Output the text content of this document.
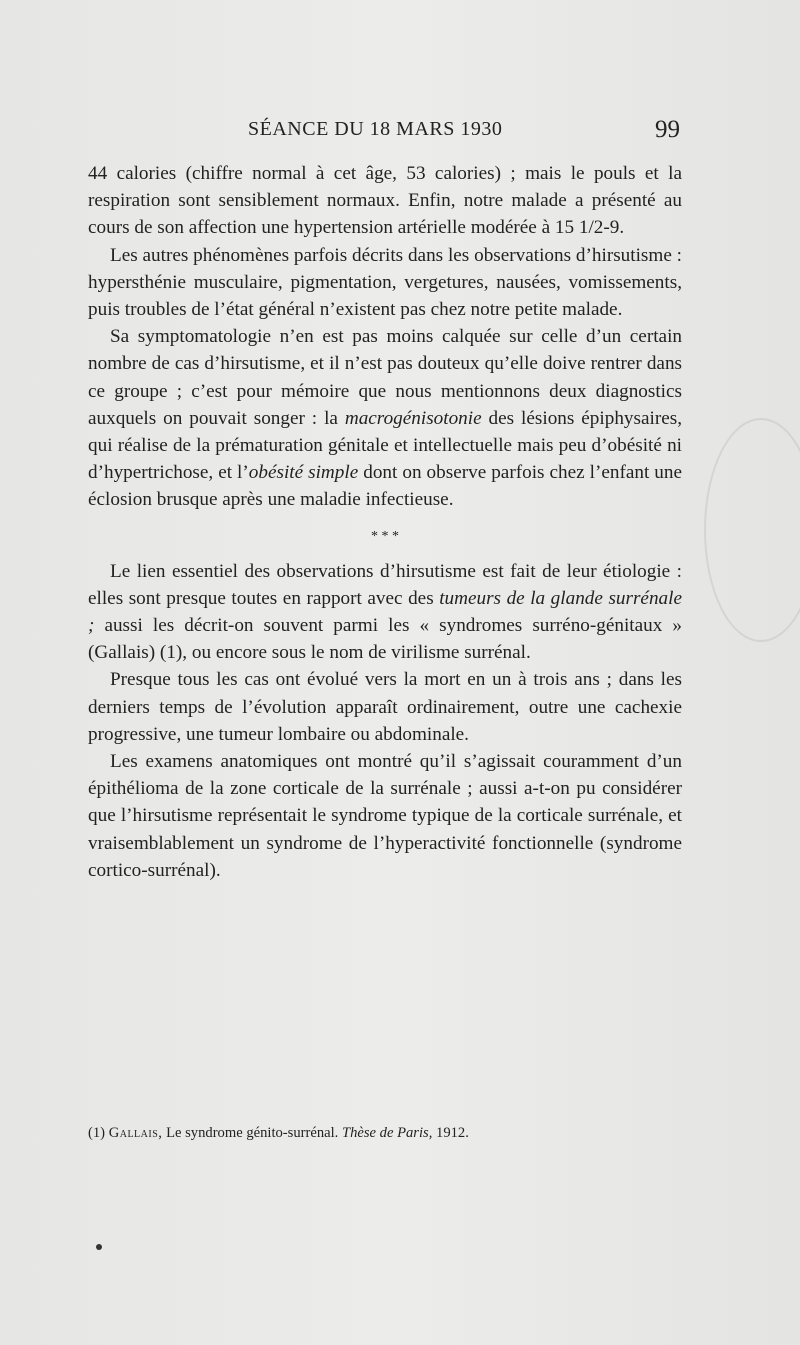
SÉANCE DU 18 MARS 1930	99

44 calories (chiffre normal à cet âge, 53 calories) ; mais le pouls et la respiration sont sensiblement normaux. Enfin, notre malade a présenté au cours de son affection une hypertension artérielle modérée à 15 1/2-9.

Les autres phénomènes parfois décrits dans les observations d’hirsutisme : hypersthénie musculaire, pigmentation, vergetures, nausées, vomissements, puis troubles de l’état général n’existent pas chez notre petite malade.

Sa symptomatologie n’en est pas moins calquée sur celle d’un certain nombre de cas d’hirsutisme, et il n’est pas douteux qu’elle doive rentrer dans ce groupe ; c’est pour mémoire que nous mentionnons deux diagnostics auxquels on pouvait songer : la macrogénisotonie des lésions épiphysaires, qui réalise de la prématuration génitale et intellectuelle mais peu d’obésité ni d’hypertrichose, et l’obésité simple dont on observe parfois chez l’enfant une éclosion brusque après une maladie infectieuse.

* * *

Le lien essentiel des observations d’hirsutisme est fait de leur étiologie : elles sont presque toutes en rapport avec des tumeurs de la glande surrénale ; aussi les décrit-on souvent parmi les « syndromes surréno-génitaux » (Gallais) (1), ou encore sous le nom de virilisme surrénal.

Presque tous les cas ont évolué vers la mort en un à trois ans ; dans les derniers temps de l’évolution apparaît ordinairement, outre une cachexie progressive, une tumeur lombaire ou abdominale.

Les examens anatomiques ont montré qu’il s’agissait couramment d’un épithélioma de la zone corticale de la surrénale ; aussi a-t-on pu considérer que l’hirsutisme représentait le syndrome typique de la corticale surrénale, et vraisemblablement un syndrome de l’hyperactivité fonctionnelle (syndrome cortico-surrénal).

(1) Gallais, Le syndrome génito-surrénal. Thèse de Paris, 1912.
